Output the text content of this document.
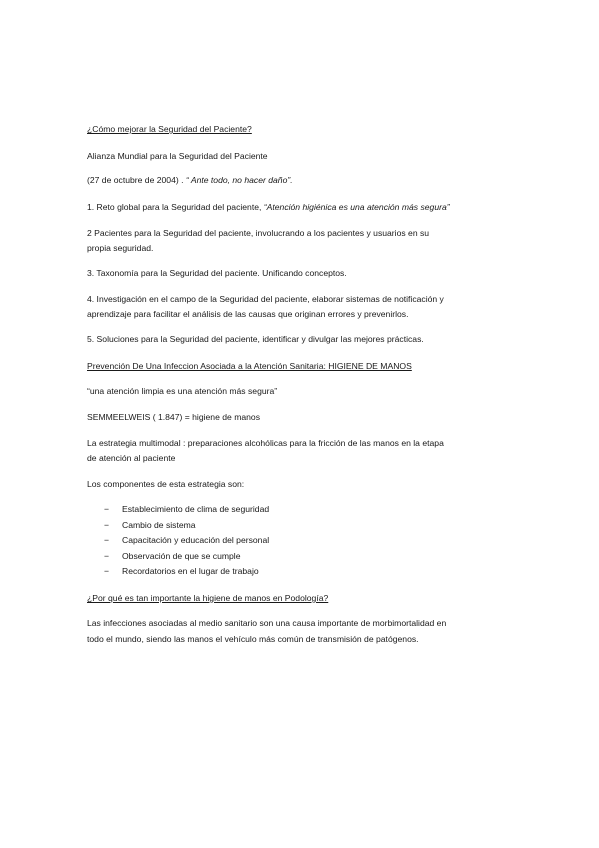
¿Cómo mejorar la Seguridad del Paciente?

Alianza Mundial para la Seguridad del Paciente

(27 de octubre de 2004) . “ Ante todo, no hacer daño”.

1. Reto global para la Seguridad del paciente, “Atención higiénica es una atención más segura”

2 Pacientes para la Seguridad del paciente, involucrando a los pacientes y usuarios en su

propia seguridad.

3. Taxonomía para la Seguridad del paciente. Unificando conceptos.

4. Investigación en el campo de la Seguridad del paciente, elaborar sistemas de notificación y

aprendizaje para facilitar el análisis de las causas que originan errores y prevenirlos.

5. Soluciones para la Seguridad del paciente, identificar y divulgar las mejores prácticas.

Prevención De Una Infeccion Asociada a la Atención Sanitaria: HIGIENE DE MANOS

“una atención limpia es una atención más segura”

SEMMEELWEIS ( 1.847) = higiene de manos

La estrategia multimodal : preparaciones alcohólicas para la fricción de las manos en la etapa

de atención al paciente

Los componentes de esta estrategia son:

− Establecimiento de clima de seguridad

− Cambio de sistema

− Capacitación y educación del personal

− Observación de que se cumple

− Recordatorios en el lugar de trabajo

¿Por qué es tan importante la higiene de manos en Podología?

Las infecciones asociadas al medio sanitario son una causa importante de morbimortalidad en

todo el mundo, siendo las manos el vehículo más común de transmisión de patógenos.
